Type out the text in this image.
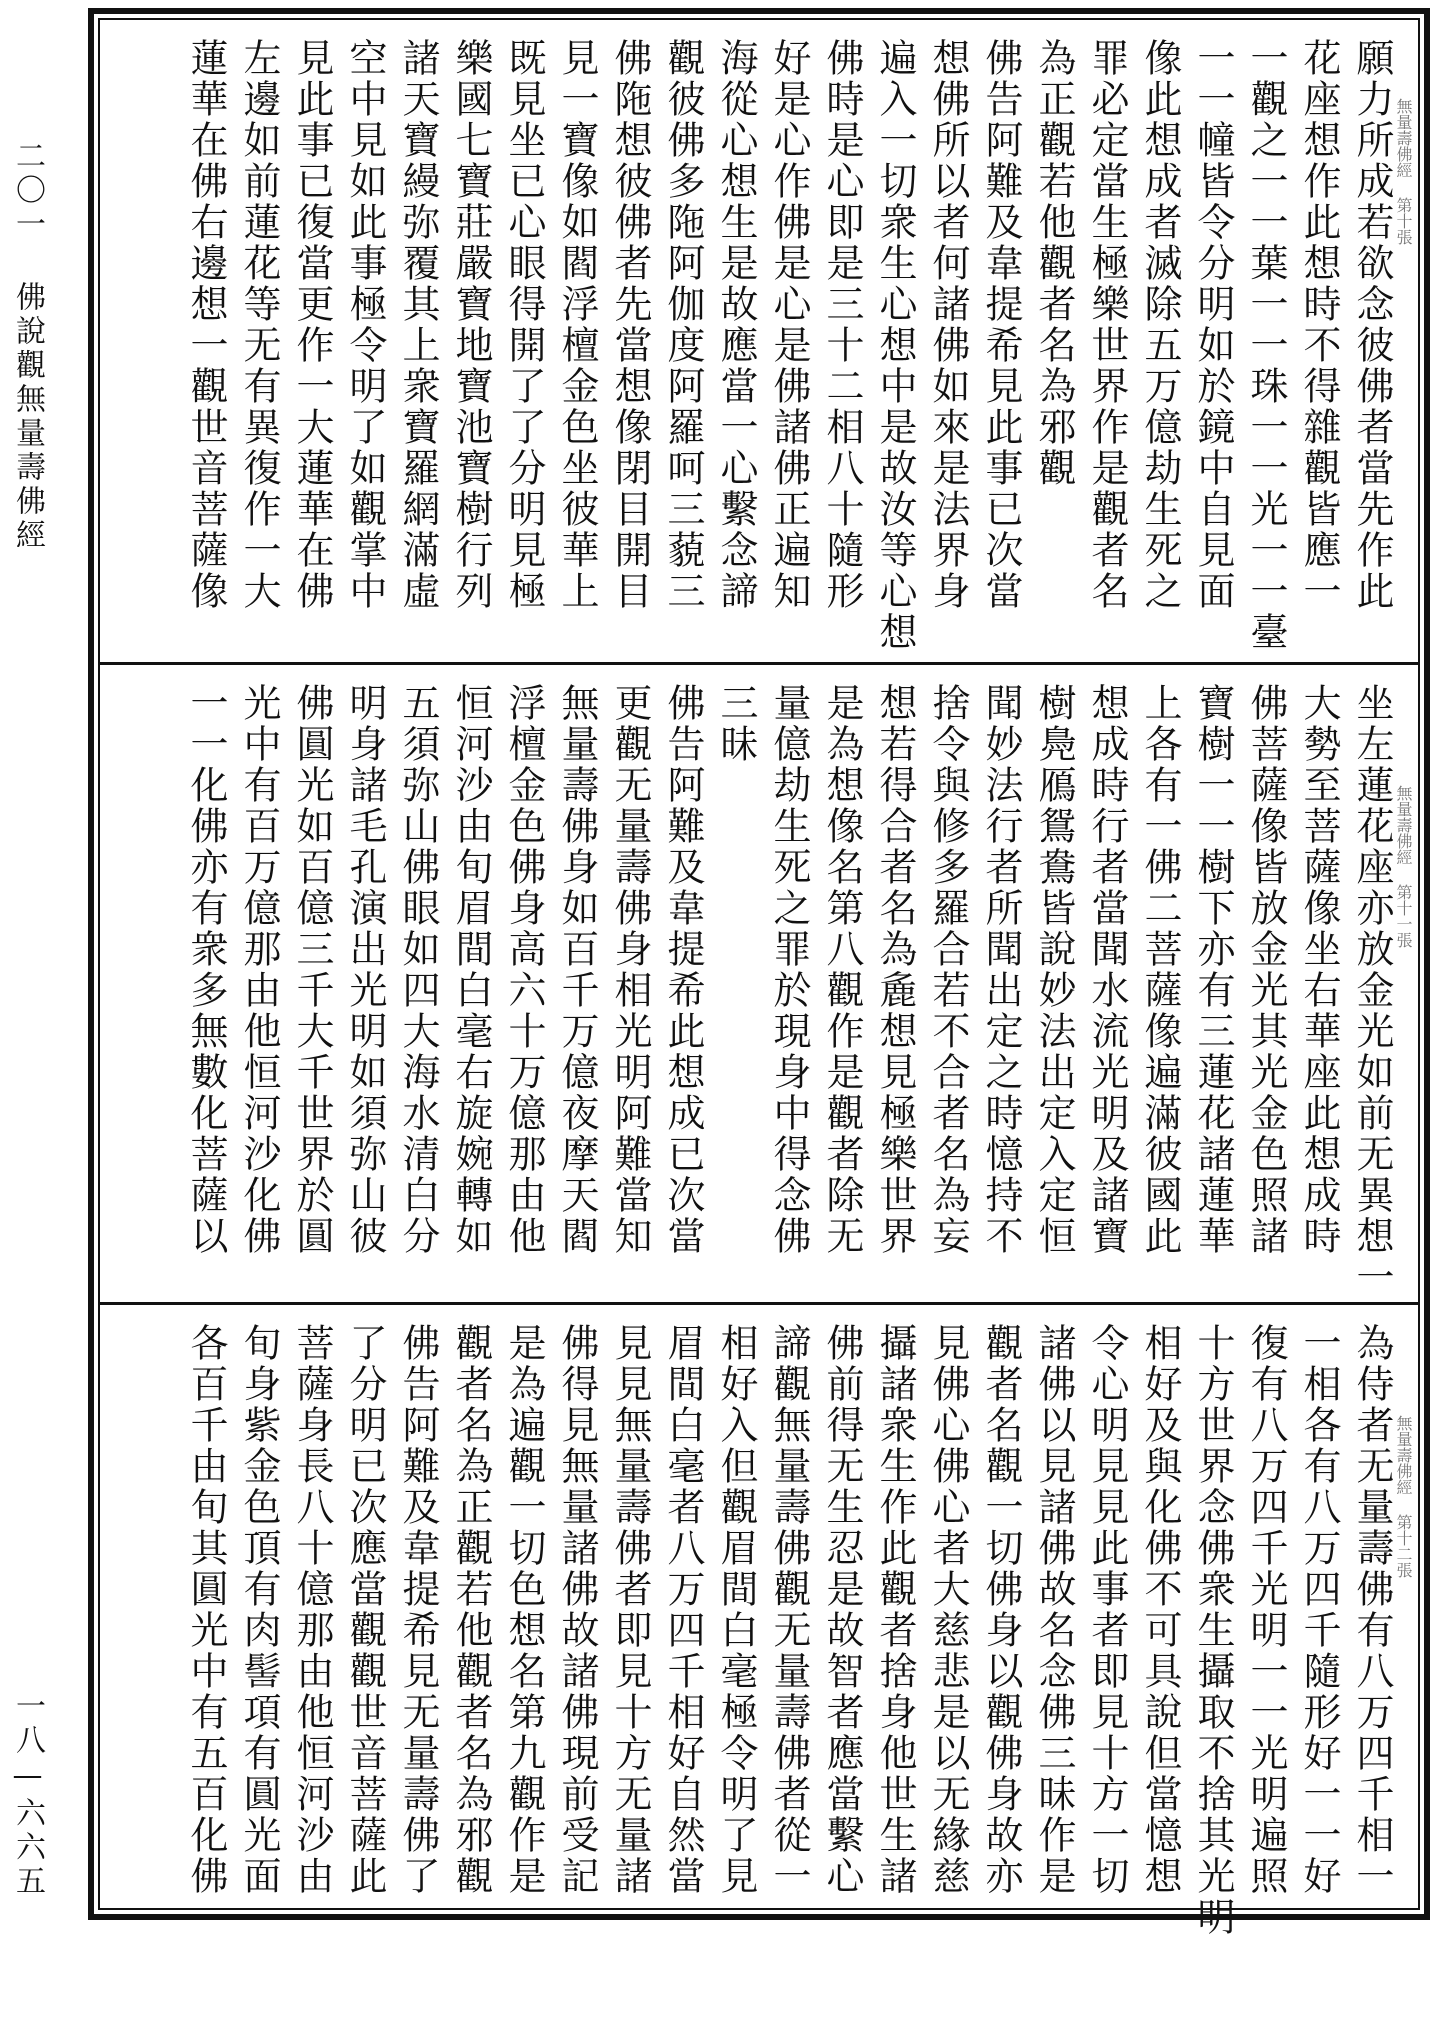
二〇一 佛說觀無量壽佛經
一八—六六五
無量壽佛經 第十張

願力所成若欲念彼佛者當先作此

花座想作此想時不得雜觀皆應一

一觀之一一葉一一珠一一光一一臺

一一幢皆令分明如於鏡中自見面

像此想成者滅除五万億劫生死之

罪必定當生極樂世界作是觀者名

為正觀若他觀者名為邪觀

佛告阿難及韋提希見此事已次當

想佛所以者何諸佛如來是法界身

遍入一切衆生心想中是故汝等心想

佛時是心即是三十二相八十隨形

好是心作佛是心是佛諸佛正遍知

海從心想生是故應當一心繫念諦

觀彼佛多陁阿伽度阿羅呵三藐三

佛陁想彼佛者先當想像閉目開目

見一寶像如閻浮檀金色坐彼華上

既見坐已心眼得開了了分明見極

樂國七寶莊嚴寶地寶池寶樹行列

諸天寶縵弥覆其上衆寶羅網滿虛

空中見如此事極令明了如觀掌中

見此事已復當更作一大蓮華在佛

左邊如前蓮花等无有異復作一大

蓮華在佛右邊想一觀世音菩薩像

無量壽佛經 第十一張

坐左蓮花座亦放金光如前无異想一

大勢至菩薩像坐右華座此想成時

佛菩薩像皆放金光其光金色照諸

寶樹一一樹下亦有三蓮花諸蓮華

上各有一佛二菩薩像遍滿彼國此

想成時行者當聞水流光明及諸寶

樹鳧鴈鴛鴦皆說妙法出定入定恒

聞妙法行者所聞出定之時憶持不

捨令與修多羅合若不合者名為妄

想若得合者名為麁想見極樂世界

是為想像名第八觀作是觀者除无

量億劫生死之罪於現身中得念佛

三昧

佛告阿難及韋提希此想成已次當

更觀无量壽佛身相光明阿難當知

無量壽佛身如百千万億夜摩天閻

浮檀金色佛身高六十万億那由他

恒河沙由旬眉間白毫右旋婉轉如

五須弥山佛眼如四大海水清白分

明身諸毛孔演出光明如須弥山彼

佛圓光如百億三千大千世界於圓

光中有百万億那由他恒河沙化佛

一一化佛亦有衆多無數化菩薩以

無量壽佛經 第十二張

為侍者无量壽佛有八万四千相一

一相各有八万四千隨形好一一好

復有八万四千光明一一光明遍照

十方世界念佛衆生攝取不捨其光明

相好及與化佛不可具說但當憶想

令心明見見此事者即見十方一切

諸佛以見諸佛故名念佛三昧作是

觀者名觀一切佛身以觀佛身故亦

見佛心佛心者大慈悲是以无緣慈

攝諸衆生作此觀者捨身他世生諸

佛前得无生忍是故智者應當繫心

諦觀無量壽佛觀无量壽佛者從一

相好入但觀眉間白毫極令明了見

眉間白毫者八万四千相好自然當

見見無量壽佛者即見十方无量諸

佛得見無量諸佛故諸佛現前受記

是為遍觀一切色想名第九觀作是

觀者名為正觀若他觀者名為邪觀

佛告阿難及韋提希見无量壽佛了

了分明已次應當觀觀世音菩薩此

菩薩身長八十億那由他恒河沙由

旬身紫金色頂有肉髻項有圓光面

各百千由旬其圓光中有五百化佛
